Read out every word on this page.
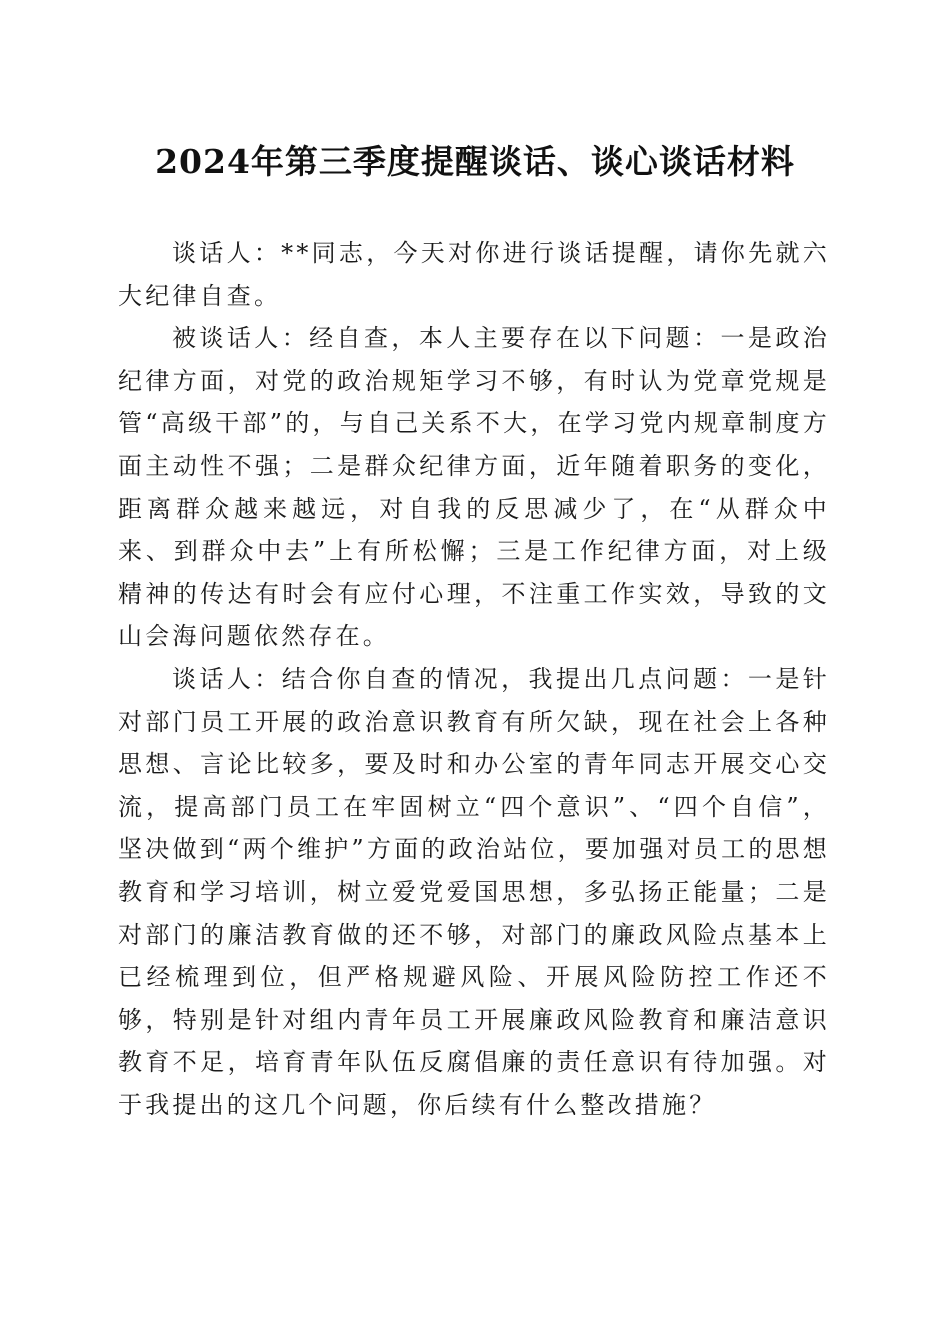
2024年第三季度提醒谈话、谈心谈话材料

谈话人：**同志，今天对你进行谈话提醒，请你先就六大纪律自查。

被谈话人：经自查，本人主要存在以下问题：一是政治纪律方面，对党的政治规矩学习不够，有时认为党章党规是管“高级干部”的，与自己关系不大，在学习党内规章制度方面主动性不强；二是群众纪律方面，近年随着职务的变化，距离群众越来越远，对自我的反思减少了，在“从群众中来、到群众中去”上有所松懈；三是工作纪律方面，对上级精神的传达有时会有应付心理，不注重工作实效，导致的文山会海问题依然存在。

谈话人：结合你自查的情况，我提出几点问题：一是针对部门员工开展的政治意识教育有所欠缺，现在社会上各种思想、言论比较多，要及时和办公室的青年同志开展交心交流，提高部门员工在牢固树立“四个意识”、“四个自信”，坚决做到“两个维护”方面的政治站位，要加强对员工的思想教育和学习培训，树立爱党爱国思想，多弘扬正能量；二是对部门的廉洁教育做的还不够，对部门的廉政风险点基本上已经梳理到位，但严格规避风险、开展风险防控工作还不够，特别是针对组内青年员工开展廉政风险教育和廉洁意识教育不足，培育青年队伍反腐倡廉的责任意识有待加强。对于我提出的这几个问题，你后续有什么整改措施？
